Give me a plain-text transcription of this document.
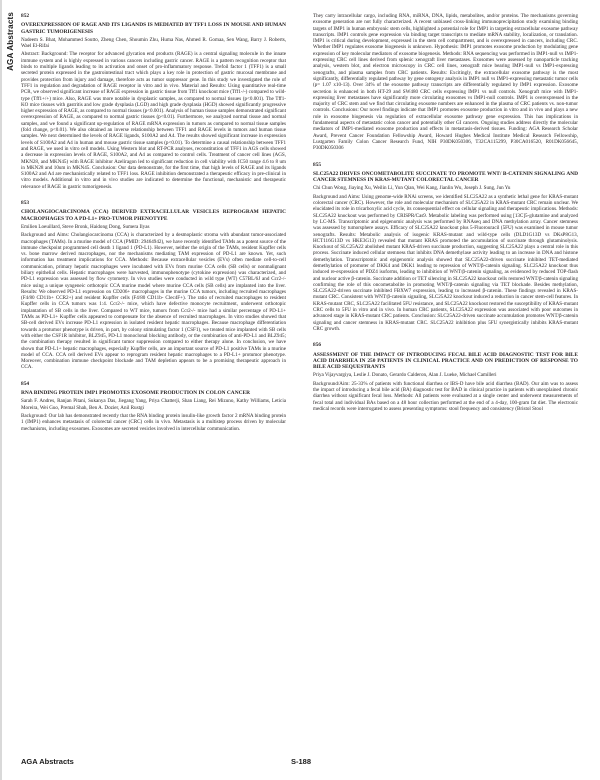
AGA Abstracts 852
OVEREXPRESSION OF RAGE AND ITS LIGANDS IS MEDIATED BY TFF1 LOSS IN MOUSE AND HUMAN GASTRIC TUMORIGENESIS
Nadeem S. Bhat, Mohammed Soutto, Zheng Chen, Shoumin Zhu, Huma Nas, Ahmed R. Gomaa, Sen Wang, Barry J. Roberts, Wael El-Rifai
Abstract: Background: The receptor for advanced glycation end products (RAGE) is a central signaling molecule in the innate immune system and is highly expressed in various cancers including gastric cancer. RAGE is a pattern recognition receptor that binds to multiple ligands leading to its activation and onset of pro-inflammatory response. Trefoil factor 1 (TFF1) is a small secreted protein expressed in the gastrointestinal tract which plays a key role in protection of gastric mucosal membrane and provides protection from injury and damage, therefore acts as tumor suppressor gene. In this study we investigated the role of TFF1 in regulation and degradation of RAGE receptor in vitro and in vivo. Material and Results: Using quantitative real-time PCR, we observed significant increase of RAGE expression in gastric tissue from Tff1 knockout mice (Tff1-/-) compared to wild-type (Tff1+/+) mice. Also, RAGE was more notable in dysplastic samples, as compared to normal tissues (p<0.001). The Tff1-KO mice tissues with gastritis and low grade dysplasia (LGD) and high grade dysplasia (HGD) showed significantly progressive higher expression of RAGE, as compared to normal tissues (p<0.001). Analysis of human tissue samples demonstrated significant overexpression of RAGE, as compared to normal gastric tissues (p<0.01). Furthermore, we analyzed normal tissue and normal samples, and we found a significant up-regulation of RAGE mRNA expression in tumors as compared to normal tissue samples (fold change, p<0.01). We also obtained an inverse relationship between TFF1 and RAGE levels in tumors and human tissue samples. We next determined the levels of RAGE ligands, S100A2 and A4. The results showed significant increase in expression levels of S100A2 and A4 in human and mouse gastric tissue samples (p<0.01). To determine a causal relationship between TFF1 and RAGE, we used in vitro cell models. Using Western blot and RT-PCR analyses, reconstitution of TFF1 in AGS cells showed a decrease in expression levels of RAGE, S100A2, and A4 as compared to control cells. Treatment of cancer cell lines (AGS, MKN28, and MKN45) with RAGE inhibitor Azeliragon led to significant reduction in cell viability with IC50 range 4.6 to 8 um in MKN28 and 10um in MKN45. Conclusion: Our data demonstrate, for the first time, that high levels of RAGE and its ligands S100A2 and A4 are mechanistically related to TFF1 loss. RAGE inhibition demonstrated a therapeutic efficacy in pre-clinical in vitro models. Additional in vitro and in vivo studies are indicated to determine the functional, mechanistic and therapeutic relevance of RAGE in gastric tumorigenesis.
853
CHOLANGIOCARCINOMA (CCA) DERIVED EXTRACELLULAR VESICLES REPROGRAM HEPATIC MACROPHAGES TO A PD-L1+ PRO-TUMOR PHENOTYPE
Emilien Loeuillard, Steve Bronk, Haidong Dong, Sumera Ilyas
Background and Aims: Cholangiocarcinoma (CCA) is characterized by a desmoplastic stroma with abundant tumor-associated macrophages (TAMs). In a murine model of CCA (PMID: 29464942), we have recently identified TAMs as a potent source of the immune checkpoint programmed cell death 1 ligand 1 (PD-L1). However, neither the origin of the TAMs, resident Kupffer cells vs. bone marrow derived macrophages, nor the mechanisms mediating TAM expression of PD-L1 are known. Yet, such information has treatment implications for CCA. Methods: Because extracellular vesicles (EVs) often mediate cell-to-cell communication, primary hepatic macrophages were incubated with EVs from murine CCA cells (SB cells) or nonmalignant biliary epithelial cells. Hepatic macrophages were harvested, immunophenotype (cytokine expression) was characterized, and PD-L1 expression was assessed by flow cytometry. In vivo studies were conducted in wild type (WT) C57BL/6J and Ccr2-/- mice using a unique syngeneic orthotopic CCA murine model where murine CCA cells (SB cells) are implanted into the liver. Results: We observed PD-L1 expression on CD206+ macrophages in the murine CCA tumors, including recruited macrophages (F4/80 CD11b+ CCR2+) and resident Kupffer cells (F4/80 CD11b- Clec4F+). The ratio of recruited macrophages to resident Kupffer cells in CCA tumors was 1:4. Ccr2-/- mice, which have defective monocyte recruitment, underwent orthotopic implantation of SB cells in the liver. Compared to WT mice, tumors from Ccr2-/- mice had a similar percentage of PD-L1+ TAMs as PD-L1+ Kupffer cells appeared to compensate for the absence of recruited macrophages. In vitro studies showed that SB-cell derived EVs increase PD-L1 expression in isolated resident hepatic macrophages. Because macrophage differentiation towards a protumor phenotype is driven, in part, by colony stimulating factor 1 (CSF1), we treated mice implanted with SB cells with either the CSF1R inhibitor, BLZ945, PD-L1 monoclonal blocking antibody, or the combination of anti-PD-L1 and BLZ945; the combination therapy resulted in significant tumor suppression compared to either therapy alone. In conclusion, we have shown that PD-L1+ hepatic macrophages, especially Kupffer cells, are an important source of PD-L1 positive TAMs in a murine model of CCA. CCA cell derived EVs appear to reprogram resident hepatic macrophages to a PD-L1+ protumor phenotype. Moreover, combination immune checkpoint blockade and TAM depletion appears to be a promising therapeutic approach in CCA.
854
RNA BINDING PROTEIN IMP1 PROMOTES EXOSOME PRODUCTION IN COLON CANCER
Sarah F. Andres, Ranjan Pitani, Sukanya Das, Jiegang Yang, Priya Chatterji, Shan Liang, Rei Mizuno, Kathy Williams, Leticia Moreira, Wei Guo, Premal Shah, Ben A. Dozier, Anil Rustgi
Background: Our lab has demonstrated recently that the RNA binding protein insulin-like growth factor 2 mRNA binding protein 1 (IMP1) enhances metastasis of colorectal cancer (CRC) cells in vivo. Metastasis is a multistep process driven by molecular mechanisms, including exosomes. Exosomes are secreted vesicles involved in intercellular communication.
They carry intracellular cargo, including RNA, miRNA, DNA, lipids, metabolites, and/or proteins. The mechanisms governing exosome generation are not fully characterized. A recent unbiased cross-linking immunoprecipitation study examining binding targets of IMP1 in human embryonic stem cells, highlighted a potential role for IMP1 in targeting extracellular exosome pathway transcripts. IMP1 controls gene expression via binding target transcripts to mediate mRNA stability, localization, or translation. IMP1 is critical during development, expressed in the stem cell compartment, and is overexpressed in cancers, including CRC. Whether IMP1 regulates exosome biogenesis is unknown. Hypothesis: IMP1 promotes exosome production by modulating gene expression of key molecular mediators of exosome biogenesis. Methods: RNA sequencing was performed in IMP1-null vs IMP1-expressing CRC cell lines derived from splenic xenograft liver metastases. Exosomes were assessed by nanoparticle tracking analysis, western blot, and electron microscopy in CRC cell lines, xenograft mice bearing IMP1-null vs IMP1-expressing xenografts, and plasma samples from CRC patients. Results: Excitingly, the extracellular exosome pathway is the most significantly, differentially regulated pathway by gene ontogeny analysis in IMP1 null vs IMP1-expressing metastatic tumor cells (p= 1.07 x10-13). Over 34% of the exosome pathway transcripts are differentially regulated by IMP1 expression. Exosome secretion is enhanced in both HT-29 and SW480 CRC cells expressing IMP1 vs null controls. Xenograft mice with IMP1-expressing liver metastases have significantly more circulating exosomes vs IMP1-null controls. IMP1 is overexpressed in the majority of CRC stem and we find that circulating exosome numbers are enhanced in the plasma of CRC patients vs. non-tumor controls. Conclusions: Our novel findings indicate that IMP1 promotes exosome production in vitro and in vivo and plays a new role in exosome biogenesis via regulation of extracellular exosome pathway gene expression. This has implications in fundamental aspects of metastatic colon cancer and potentially other GI cancers. Ongoing studies address directly the molecular mediators of IMP1-mediated exosome production and effects in metastasis-derived tissues. Funding: AGA Research Scholar Award, Prevent Cancer Foundation Fellowship Award, Howard Hughes Medical Institute Medical Research Fellowship, Lustgarten Family Colon Cancer Research Fund, NIH P30DK050306, T32CA115299, P30CA016520, R01DK056645, P30DK050306
855
SLC25A22 DRIVES ONCOMETABOLITE SUCCINATE TO PROMOTE WNT/ Β-CATENIN SIGNALING AND CANCER STEMNESS IN KRAS-MUTANT COLORECTAL CANCER
Chi Chun Wong, Jiaying Xu, Weilin Li, Yun Qian, Wei Kang, Jianlin Wu, Joseph J. Sung, Jun Yu
Background and Aims: Using genome-wide RNAi screens, we identified SLC25A22 as a synthetic lethal gene for KRAS-mutant colorectal cancer (CRC). However, the role and molecular mechanism of SLC25A22 in KRAS-mutant CRC remain unclear. We elucidated its role in tricarboxylic acid cycle, its consequential effect on cellular signaling and therapeutic implications. Methods: SLC25A22 knockout was performed by CRISPR/Cas9. Metabolic labeling was performed using [13C]5-glutamine and analyzed by LC-MS. Transcriptomic and epigenomic analysis was performed by RNAseq and DNA methylation array. Cancer stemness was assessed by tumorsphere assays. Efficacy of SLC25A22 knockout plus 5-Fluorouracil (5FU) was examined in mouse tumor xenografts. Results: Metabolic analysis of isogenic KRAS-mutant and wild-type cells (DLD1G13D vs DKsP8G13, HCT116G13D vs HKE3G13) revealed that mutant KRAS promoted the accumulation of succinate through glutaminolysis. Knockout of SLC25A22 abolished mutant KRAS-driven succinate production, suggesting SLC25A22 plays a central role in this process. Succinate induced cellular stemness that inhibits DNA demethylase activity leading to an increase in DNA and histone demethylation. Transcriptomic and epigenomic analysis showed that SLC25A22-driven succinate inhibited TET-mediated demethylation of promoter of DKK4 and DKK1 leading to repression of WNT/β-catenin signaling. SLC25A22 knockout thus induced re-expression of PDZ4 isoforms, leading to inhibition of WNT/β-catenin signaling, as evidenced by reduced TOP-flash and nuclear active β-catenin. Succinate addition or TET silencing in SLC25A22 knockout cells restored WNT/β-catenin signaling confirming the role of this oncometabolite in promoting WNT/β-catenin signaling via TET blockade. Besides methylation, SLC25A22-driven succinate inhibited FBXW7 expression, leading to increased β-catenin. These findings revealed in KRAS-mutant CRC. Consistent with WNT/β-catenin signaling, SLC25A22 knockout induced a reduction in cancer stem-cell features. In KRAS-mutant CRC, SLC25A22 facilitated 5FU resistance, and SLC25A22 knockout restored the susceptibility of KRAS-mutant CRC cells to 5FU in vitro and in vivo. In human CRC patients, SLC25A22 expression was associated with poor outcomes in advanced stage in KRAS-mutant CRC patients. Conclusion: SLC25A22-driven succinate accumulation promotes WNT/β-catenin signaling and cancer stemness in KRAS-mutant CRC. SLC25A22 inhibition plus 5FU synergistically inhibits KRAS-mutant CRC growth.
856
ASSESSMENT OF THE IMPACT OF INTRODUCING FECAL BILE ACID DIAGNOSTIC TEST FOR BILE ACID DIARRHEA IN 250 PATIENTS IN CLINICAL PRACTICE AND ON PREDICTION OF RESPONSE TO BILE ACID SEQUESTRANTS
Priya Vijayvargiya, Leslie J. Donato, Gerardo Calderon, Alan J. Lueke, Michael Camilleri
Background/Aim: 25-33% of patients with functional diarrhea or IBS-D have bile acid diarrhea (BAD). Our aim was to assess the impact of introducing a fecal bile acid (BA) diagnostic test for BAD in clinical practice in patients with unexplained chronic diarrhea without significant fecal loss. Methods: All patients were evaluated at a single center and underwent measurements of fecal total and individual BAs based on a 48 hour collection performed at the end of a 4-day, 100-gram fat diet. The electronic medical records were interrogated to assess presenting symptoms: stool frequency and consistency (Bristol Stool
AGA Abstracts	S-188
